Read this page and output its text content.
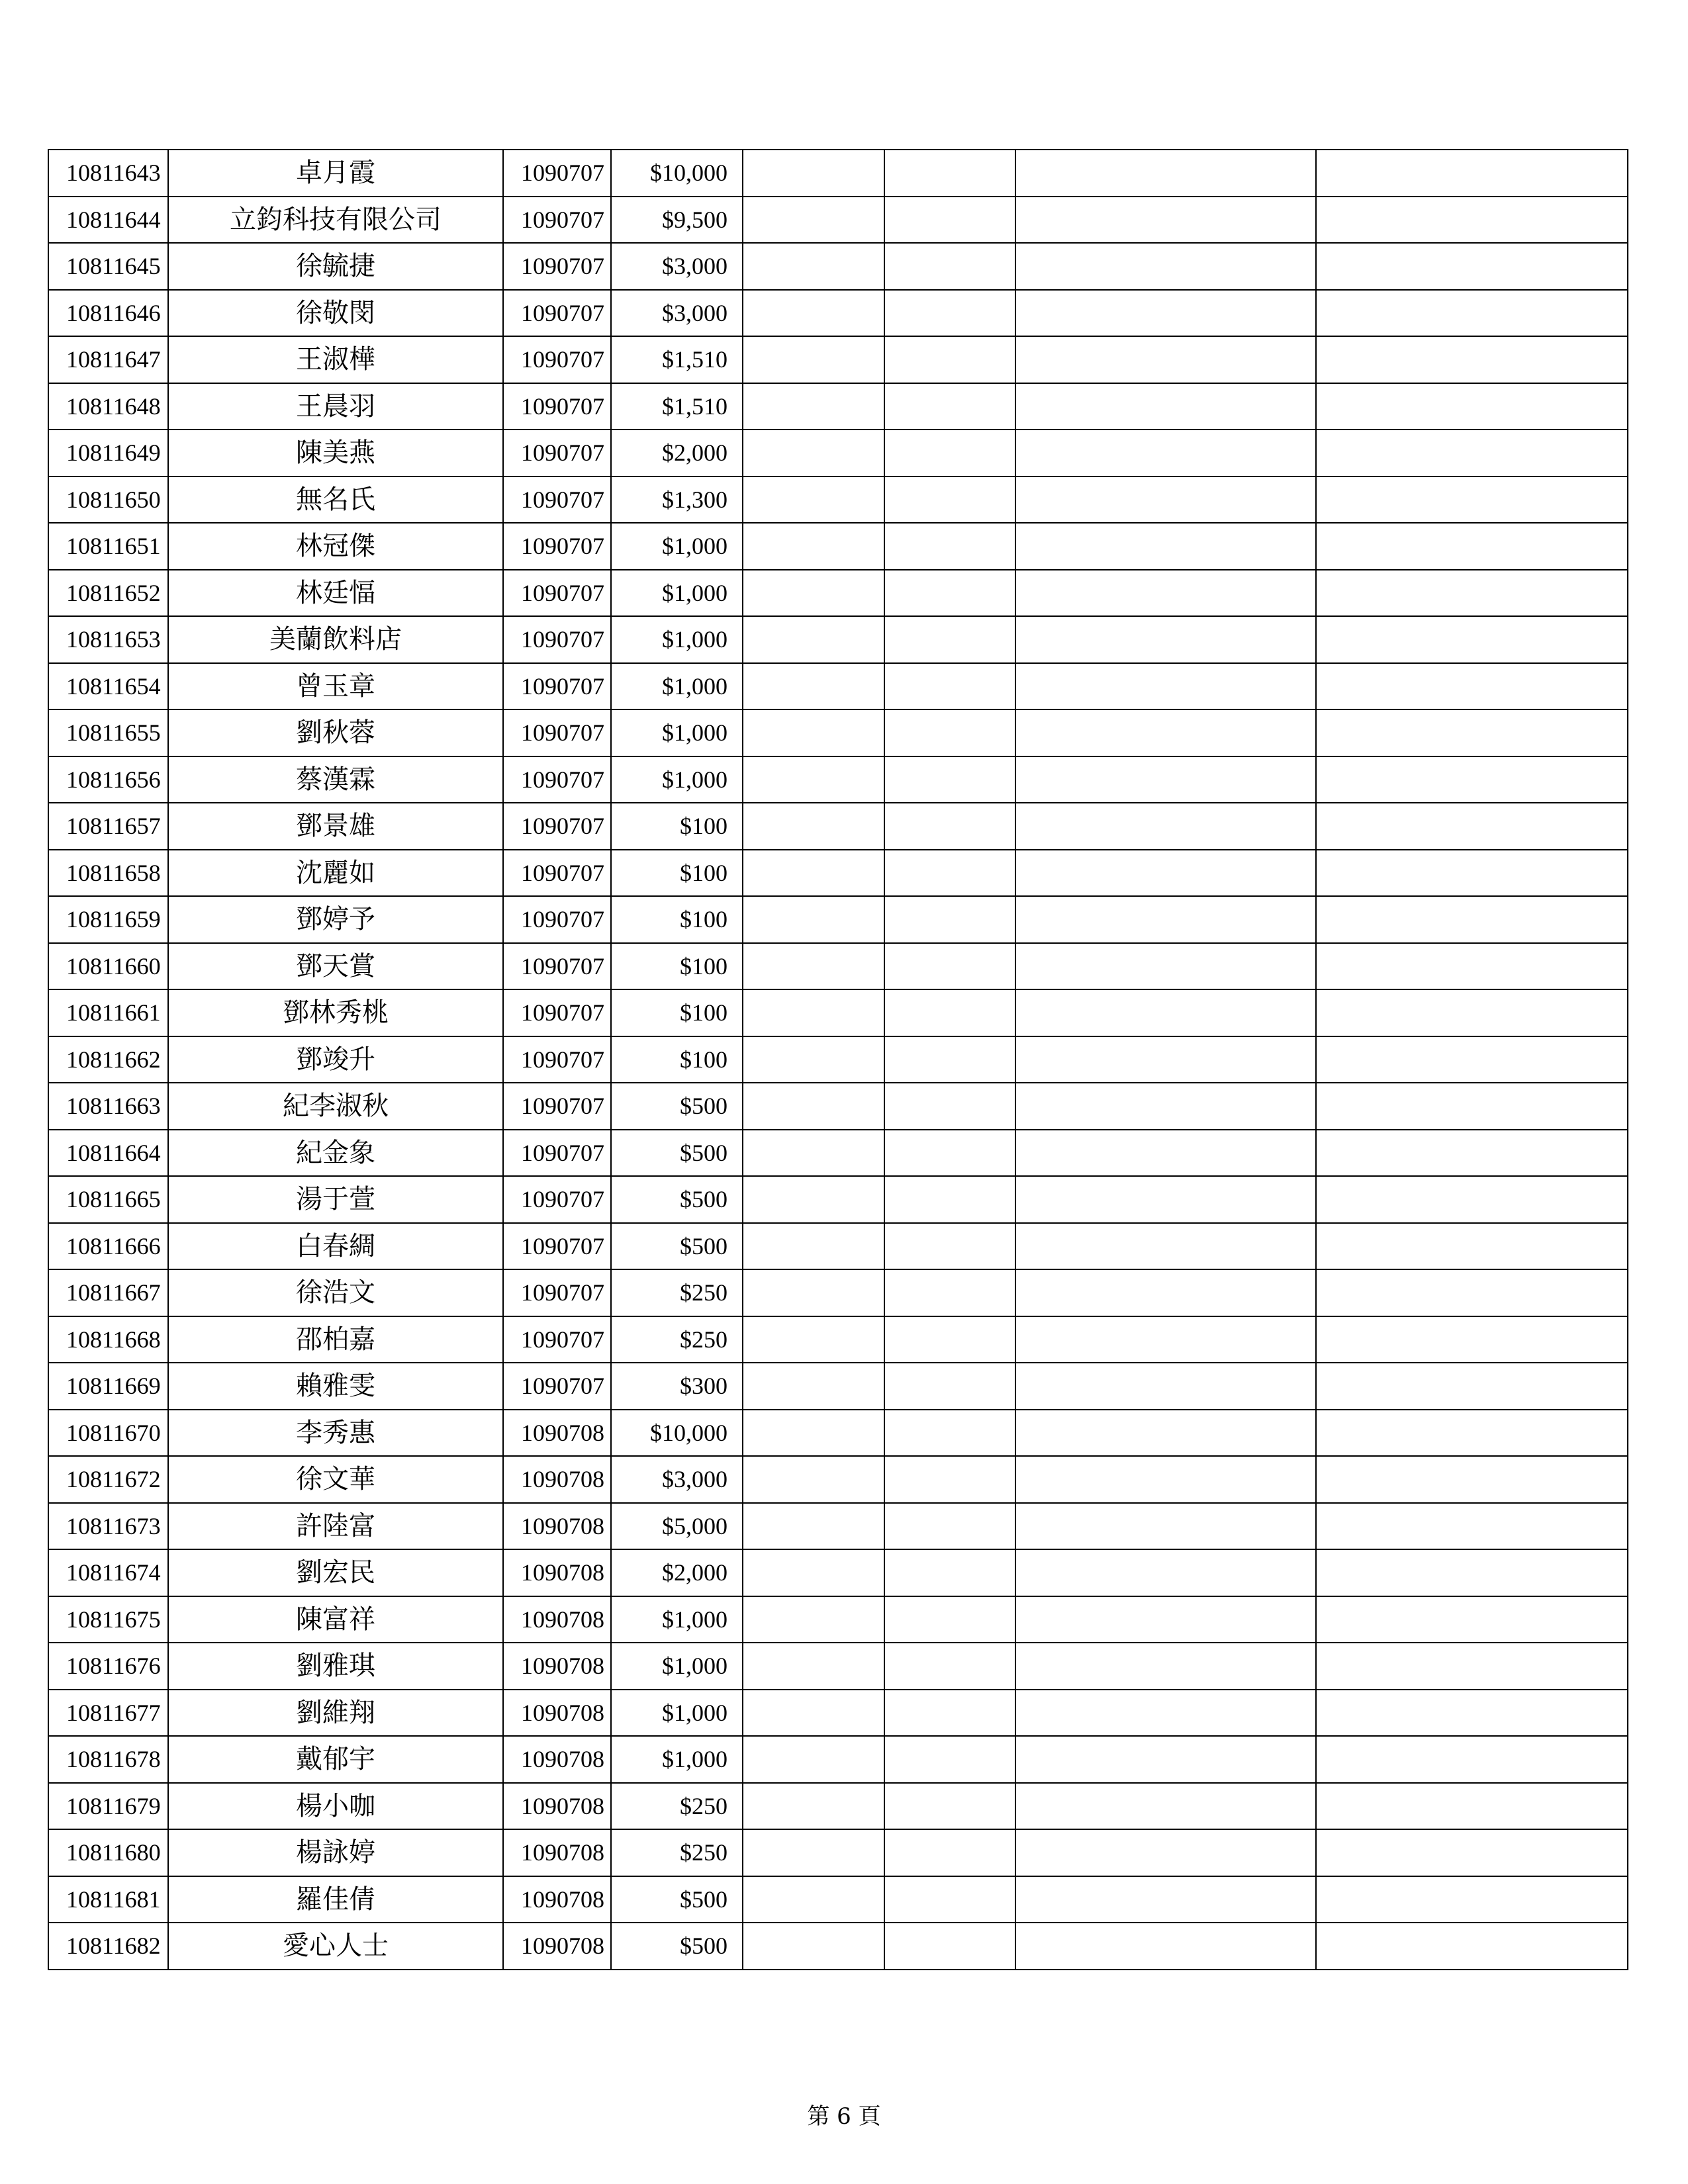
10811643	卓月霞	1090707	$10,000				
10811644	立鈞科技有限公司	1090707	$9,500				
10811645	徐毓捷	1090707	$3,000				
10811646	徐敬閔	1090707	$3,000				
10811647	王淑樺	1090707	$1,510				
10811648	王晨羽	1090707	$1,510				
10811649	陳美燕	1090707	$2,000				
10811650	無名氏	1090707	$1,300				
10811651	林冠傑	1090707	$1,000				
10811652	林廷愊	1090707	$1,000				
10811653	美蘭飲料店	1090707	$1,000				
10811654	曾玉章	1090707	$1,000				
10811655	劉秋蓉	1090707	$1,000				
10811656	蔡漢霖	1090707	$1,000				
10811657	鄧景雄	1090707	$100				
10811658	沈麗如	1090707	$100				
10811659	鄧婷予	1090707	$100				
10811660	鄧天賞	1090707	$100				
10811661	鄧林秀桃	1090707	$100				
10811662	鄧竣升	1090707	$100				
10811663	紀李淑秋	1090707	$500				
10811664	紀金象	1090707	$500				
10811665	湯于萱	1090707	$500				
10811666	白春綢	1090707	$500				
10811667	徐浩文	1090707	$250				
10811668	邵柏嘉	1090707	$250				
10811669	賴雅雯	1090707	$300				
10811670	李秀惠	1090708	$10,000				
10811672	徐文華	1090708	$3,000				
10811673	許陸富	1090708	$5,000				
10811674	劉宏民	1090708	$2,000				
10811675	陳富祥	1090708	$1,000				
10811676	劉雅琪	1090708	$1,000				
10811677	劉維翔	1090708	$1,000				
10811678	戴郁宇	1090708	$1,000				
10811679	楊小咖	1090708	$250				
10811680	楊詠婷	1090708	$250				
10811681	羅佳倩	1090708	$500				
10811682	愛心人士	1090708	$500				
第 6 頁
